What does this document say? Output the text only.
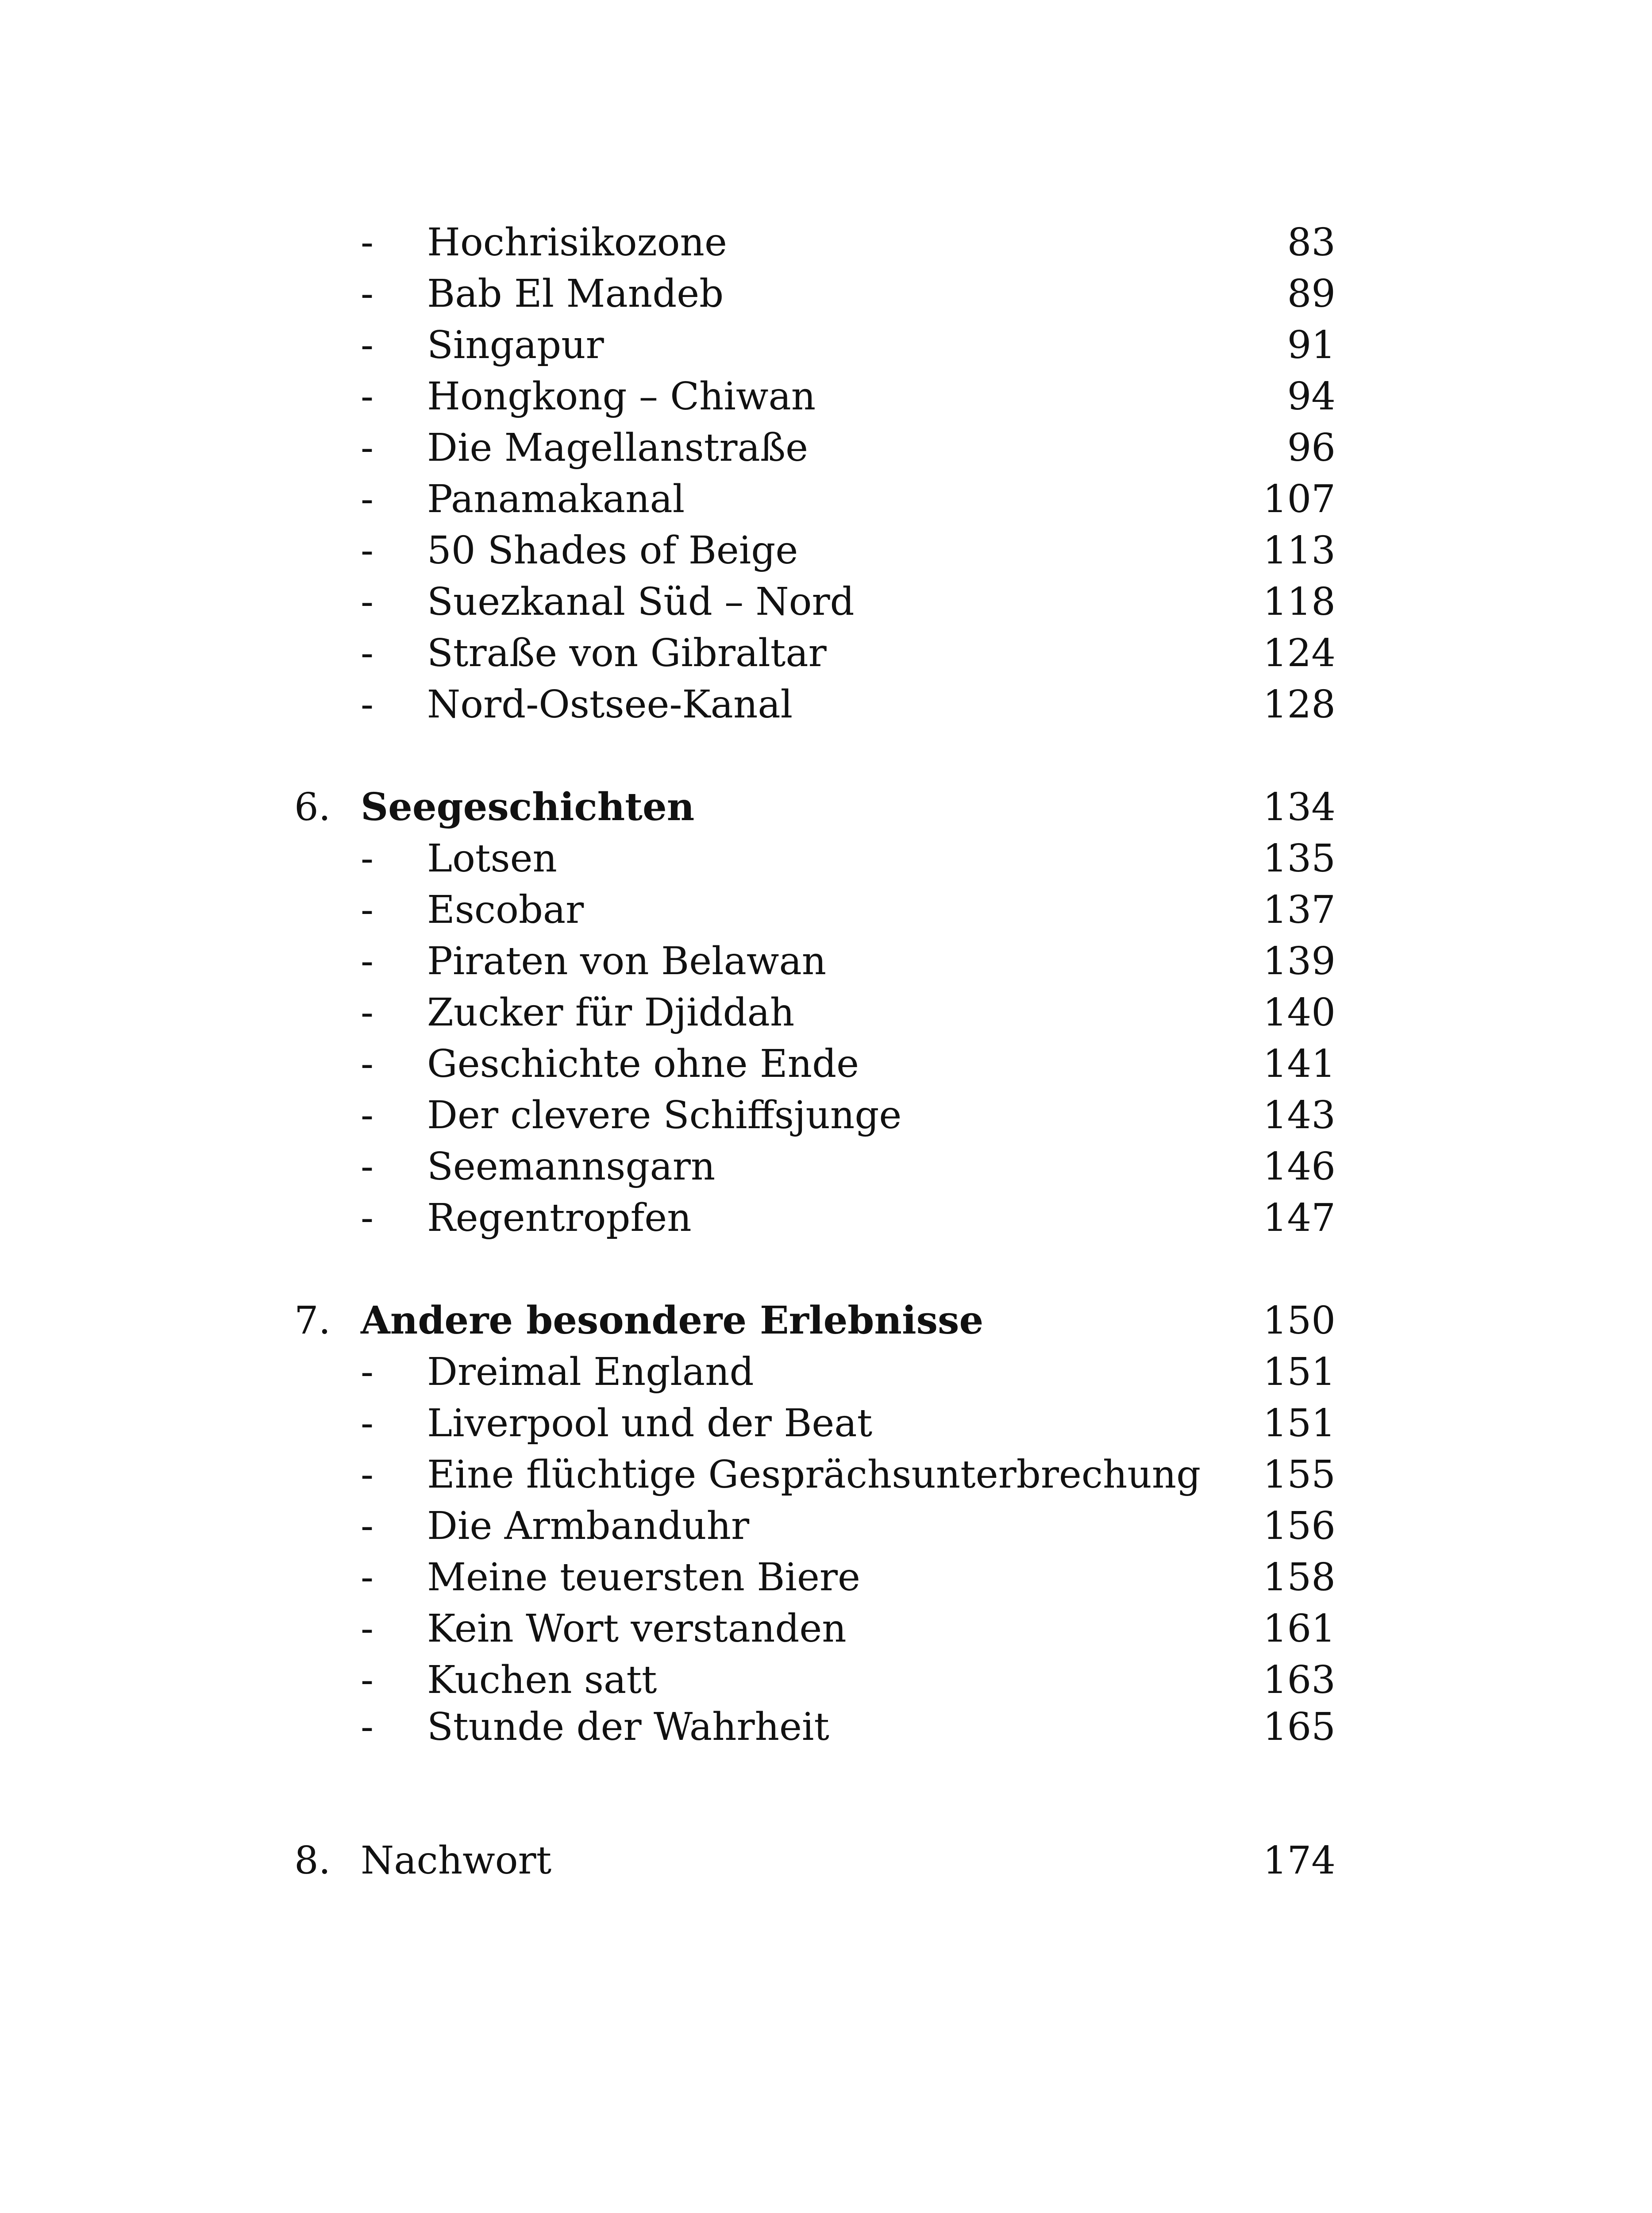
- Hochrisikozone	83
- Bab El Mandeb	89
- Singapur	91
- Hongkong – Chiwan	94
- Die Magellanstraße	96
- Panamakanal	107
- 50 Shades of Beige	113
- Suezkanal Süd – Nord	118
- Straße von Gibraltar	124
- Nord-Ostsee-Kanal	128
6. Seegeschichten	134
- Lotsen	135
- Escobar	137
- Piraten von Belawan	139
- Zucker für Djiddah	140
- Geschichte ohne Ende	141
- Der clevere Schiffsjunge	143
- Seemannsgarn	146
- Regentropfen	147
7. Andere besondere Erlebnisse	150
- Dreimal England	151
- Liverpool und der Beat	151
- Eine flüchtige Gesprächsunterbrechung 155
- Die Armbanduhr	156
- Meine teuersten Biere	158
- Kein Wort verstanden	161
- Kuchen satt	163
- Stunde der Wahrheit	165
8. Nachwort	174
